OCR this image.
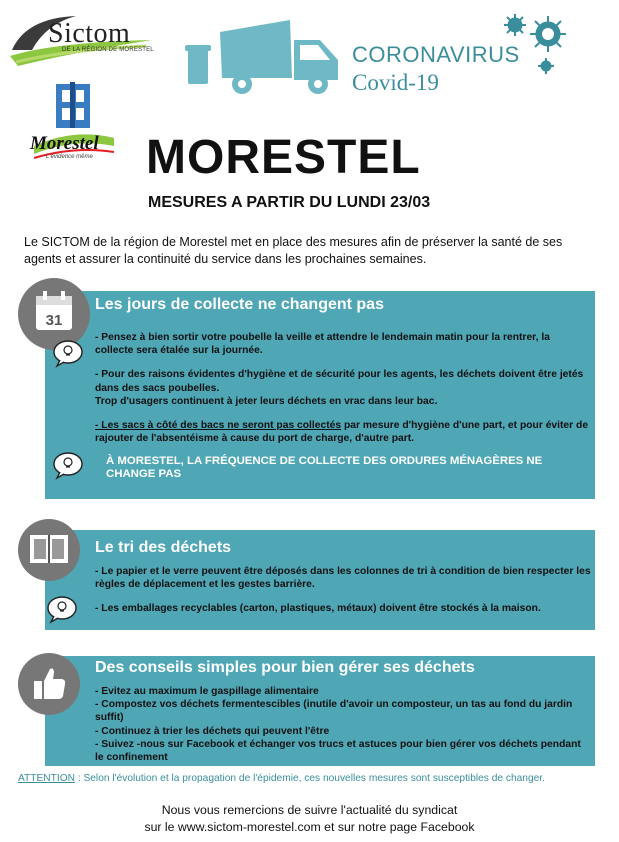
Sictom
DE LA RÉGION DE MORESTEL	CORONAVIRUS
Covid-19
Morestel
L'évidence même MORESTEL
MESURES A PARTIR DU LUNDI 23/03
Le SICTOM de la région de Morestel met en place des mesures afin de préserver la santé de ses agents et assurer la continuité du service dans les prochaines semaines.
31
Les jours de collecte ne changent pas

- Pensez à bien sortir votre poubelle la veille et attendre le lendemain matin pour la rentrer, la collecte sera étalée sur la journée.

- Pour des raisons évidentes d'hygiène et de sécurité pour les agents, les déchets doivent être jetés dans des sacs poubelles.

Trop d'usagers continuent à jeter leurs déchets en vrac dans leur bac.

- Les sacs à côté des bacs ne seront pas collectés par mesure d'hygiène d'une part, et pour éviter de rajouter de l'absentéisme à cause du port de charge, d'autre part.

À MORESTEL, LA FRÉQUENCE DE COLLECTE DES ORDURES MÉNAGÈRES NE CHANGE PAS
Le tri des déchets

- Le papier et le verre peuvent être déposés dans les colonnes de tri à condition de bien respecter les règles de déplacement et les gestes barrière.

- Les emballages recyclables (carton, plastiques, métaux) doivent être stockés à la maison.

Des conseils simples pour bien gérer ses déchets

- Evitez au maximum le gaspillage alimentaire

- Compostez vos déchets fermentescibles (inutile d'avoir un composteur, un tas au fond du jardin suffit)

- Continuez à trier les déchets qui peuvent l'être

- Suivez -nous sur Facebook et échanger vos trucs et astuces pour bien gérer vos déchets pendant le confinement

ATTENTION : Selon l'évolution et la propagation de l'épidemie, ces nouvelles mesures sont susceptibles de changer.
Nous vous remercions de suivre l'actualité du syndicat
sur le www.sictom-morestel.com et sur notre page Facebook
